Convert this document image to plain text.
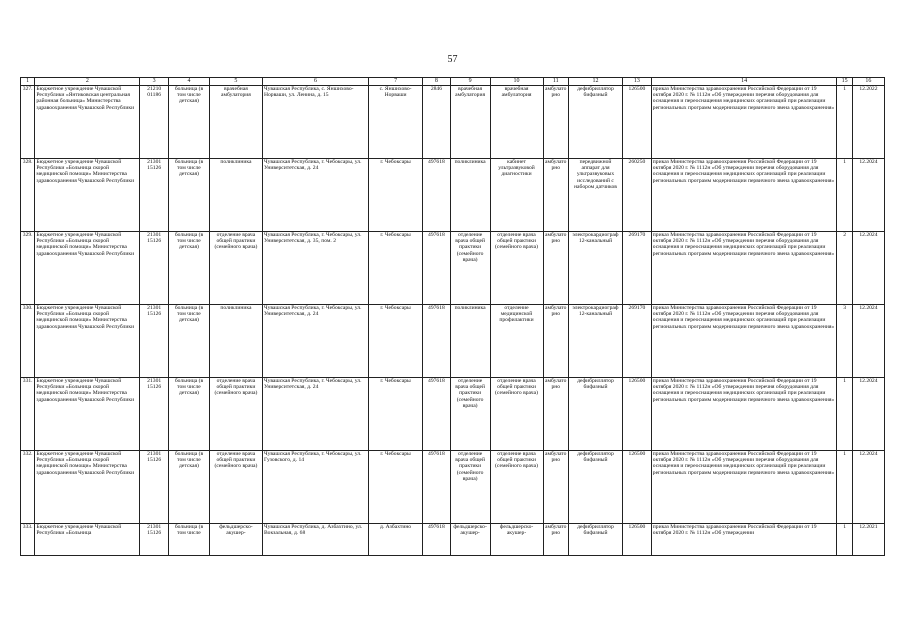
57
1	2	3	4	5	6	7	8	9	10	11	12	13	14	15	16
327.	Бюджетное учреждение Чувашской Республики «Янтиковская центральная районная больница» Министерства здравоохранения Чувашской Республики	21210 01186	больница (в том числе детская)	врачебная амбулатория	Чувашская Республика, с. Яншихово-Норваши, ул. Ленина, д. 15	с. Яншихово-Норваши	2846	врачебная амбулатория	врачебная амбулатория	амбулаторно	дефибриллятор бифазный	126500	приказ Министерства здравоохранения Российской Федерации от 19 октября 2020 г. № 1112н «Об утверждении перечня оборудования для оснащения и переоснащения медицинских организаций при реализации региональных программ модернизации первичного звена здравоохранения»	1	12.2022
328.	Бюджетное учреждение Чувашской Республики «Больница скорой медицинской помощи» Министерства здравоохранения Чувашской Республики	21301 15126	больница (в том числе детская)	поликлиника	Чувашская Республика, г. Чебоксары, ул. Университетская, д. 24	г. Чебоксары	497618	поликлиника	кабинет ультразвуковой диагностики	амбулаторно	передвижной аппарат для ультразвуковых исследований с набором датчиков	260250	приказ Министерства здравоохранения Российской Федерации от 19 октября 2020 г. № 1112н «Об утверждении перечня оборудования для оснащения и переоснащения медицинских организаций при реализации региональных программ модернизации первичного звена здравоохранения»	1	12.2024
329.	Бюджетное учреждение Чувашской Республики «Больница скорой медицинской помощи» Министерства здравоохранения Чувашской Республики	21301 15126	больница (в том числе детская)	отделение врача общей практики (семейного врача)	Чувашская Республика, г. Чебоксары, ул. Университетская, д. 35, пом. 2	г. Чебоксары	497618	отделение врача общей практики (семейного врача)	отделение врача общей практики (семейного врача)	амбулаторно	электрокардиограф 12-канальный	269170	приказ Министерства здравоохранения Российской Федерации от 19 октября 2020 г. № 1112н «Об утверждении перечня оборудования для оснащения и переоснащения медицинских организаций при реализации региональных программ модернизации первичного звена здравоохранения»	2	12.2024
330.	Бюджетное учреждение Чувашской Республики «Больница скорой медицинской помощи» Министерства здравоохранения Чувашской Республики	21301 15126	больница (в том числе детская)	поликлиника	Чувашская Республика, г. Чебоксары, ул. Университетская, д. 24	г. Чебоксары	497618	поликлиника	отделение медицинской профилактики	амбулаторно	электрокардиограф 12-канальный	269170	приказ Министерства здравоохранения Российской Федерации от 19 октября 2020 г. № 1112н «Об утверждении перечня оборудования для оснащения и переоснащения медицинских организаций при реализации региональных программ модернизации первичного звена здравоохранения»	3	12.2024
331.	Бюджетное учреждение Чувашской Республики «Больница скорой медицинской помощи» Министерства здравоохранения Чувашской Республики	21301 15126	больница (в том числе детская)	отделение врача общей практики (семейного врача)	Чувашская Республика, г. Чебоксары, ул. Университетская, д. 24	г. Чебоксары	497618	отделение врача общей практики (семейного врача)	отделение врача общей практики (семейного врача)	амбулаторно	дефибриллятор бифазный	126500	приказ Министерства здравоохранения Российской Федерации от 19 октября 2020 г. № 1112н «Об утверждении перечня оборудования для оснащения и переоснащения медицинских организаций при реализации региональных программ модернизации первичного звена здравоохранения»	1	12.2024
332.	Бюджетное учреждение Чувашской Республики «Больница скорой медицинской помощи» Министерства здравоохранения Чувашской Республики	21301 15126	больница (в том числе детская)	отделение врача общей практики (семейного врача)	Чувашская Республика, г. Чебоксары, ул. Гузовского, д. 14	г. Чебоксары	497618	отделение врача общей практики (семейного врача)	отделение врача общей практики (семейного врача)	амбулаторно	дефибриллятор бифазный	126500	приказ Министерства здравоохранения Российской Федерации от 19 октября 2020 г. № 1112н «Об утверждении перечня оборудования для оснащения и переоснащения медицинских организаций при реализации региональных программ модернизации первичного звена здравоохранения»	1	12.2024
333.	Бюджетное учреждение Чувашской Республики «Больница	21301 15126	больница (в том числе	фельдшерско-акушер-	Чувашская Республика, д. Азбахтино, ул. Вокзальная, д. 68	д. Азбахтино	497618	фельдшерско-акушер-	фельдшерско-акушер-	амбулаторно	дефибриллятор бифазный	126500	приказ Министерства здравоохранения Российской Федерации от 19 октября 2020 г. № 1112н «Об утверждении	1	12.2021
